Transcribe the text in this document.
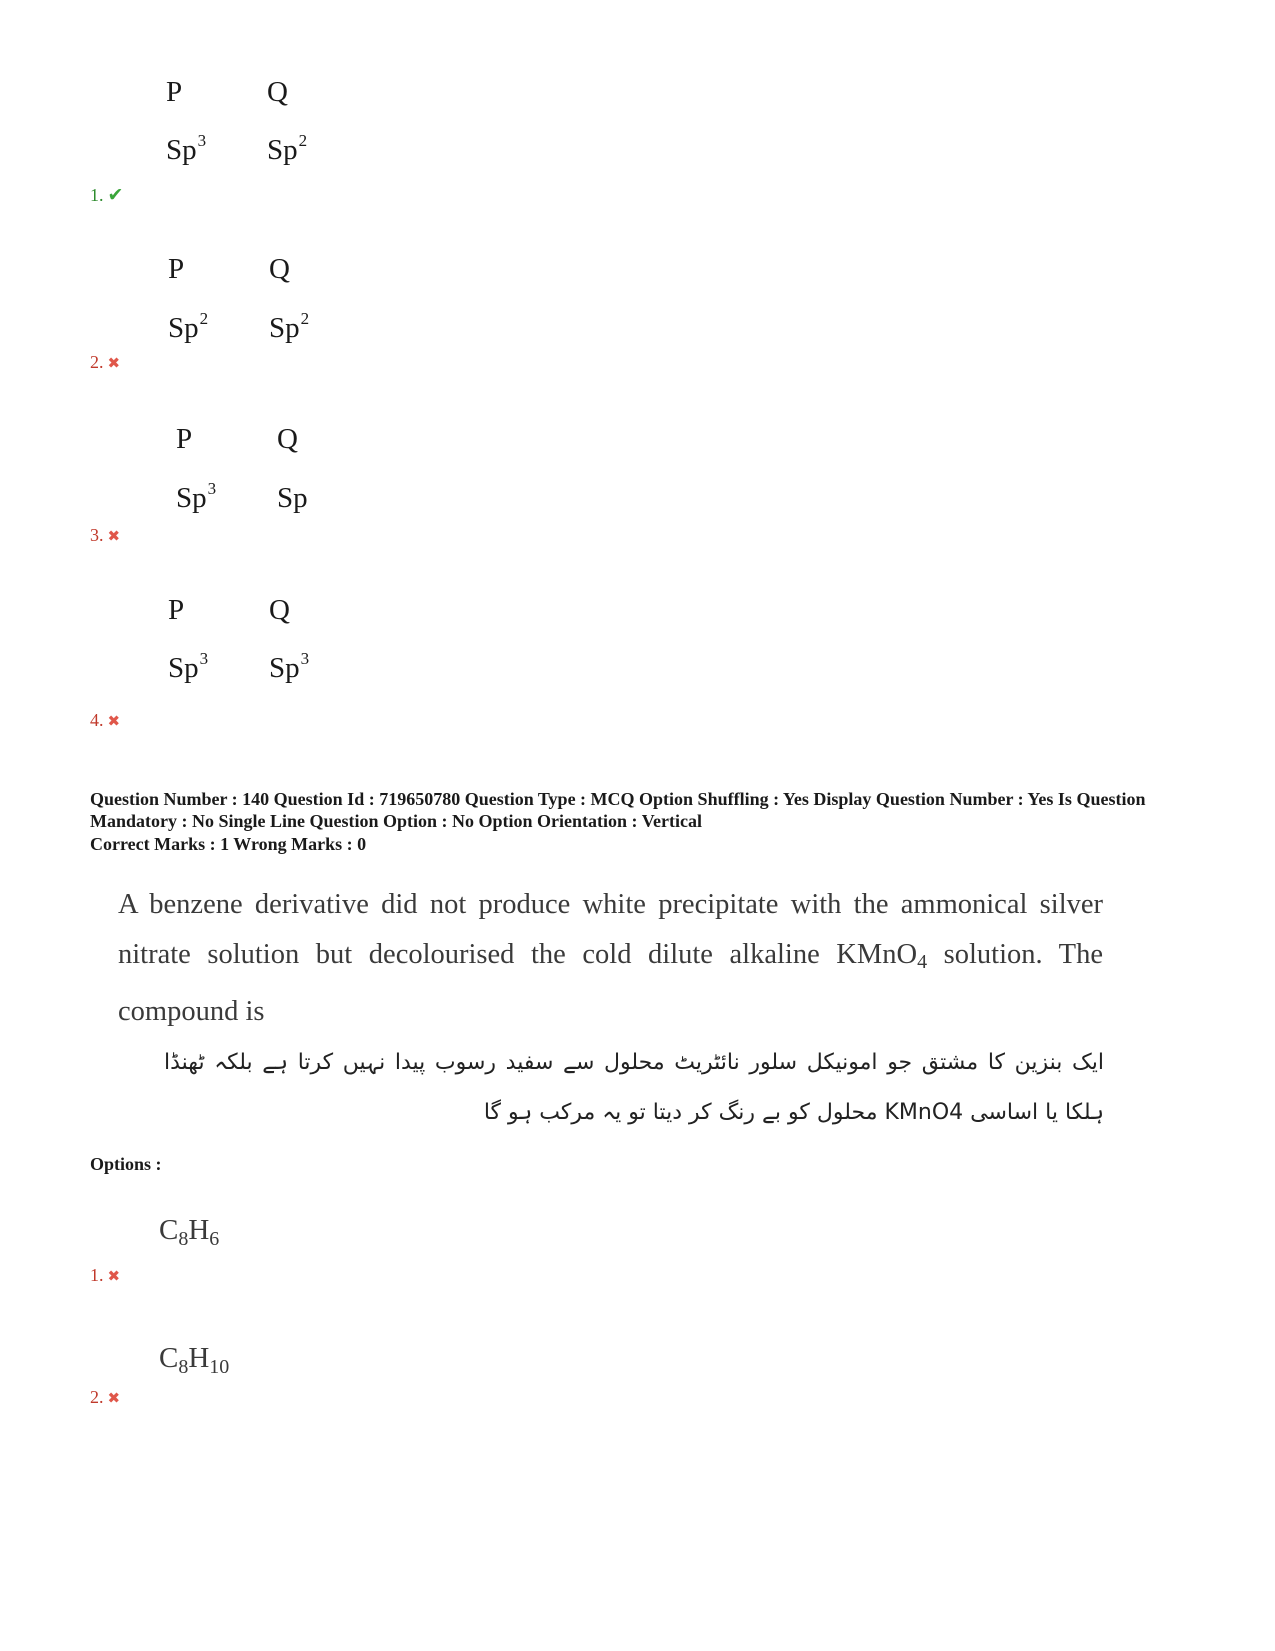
P	Q
Sp$^3$ Sp$^2$
1. ✔
P	Q
Sp$^2$ Sp$^2$
2. ✖
P	Q
Sp$^3$ Sp
3. ✖
P	Q
Sp$^3$ Sp$^3$
4. ✖
Question Number : 140 Question Id : 719650780 Question Type : MCQ Option Shuffling : Yes Display Question Number : Yes Is Question Mandatory : No Single Line Question Option : No Option Orientation : Vertical
Correct Marks : 1 Wrong Marks : 0
A benzene derivative did not produce white precipitate with the ammonical silver nitrate solution but decolourised the cold dilute alkaline KMnO$_4$ solution. The compound is
ایک بنزین کا مشتق جو امونیکل سلور نائٹریٹ محلول سے سفید رسوب پیدا نہیں کرتا ہے بلکہ ٹھنڈا ہلکا یا اساسی KMnO4 محلول کو بے رنگ کر دیتا تو یہ مرکب ہو گا
Options :
$C_8H_6$
1. ✖
$C_8H_{10}$
2. ✖
